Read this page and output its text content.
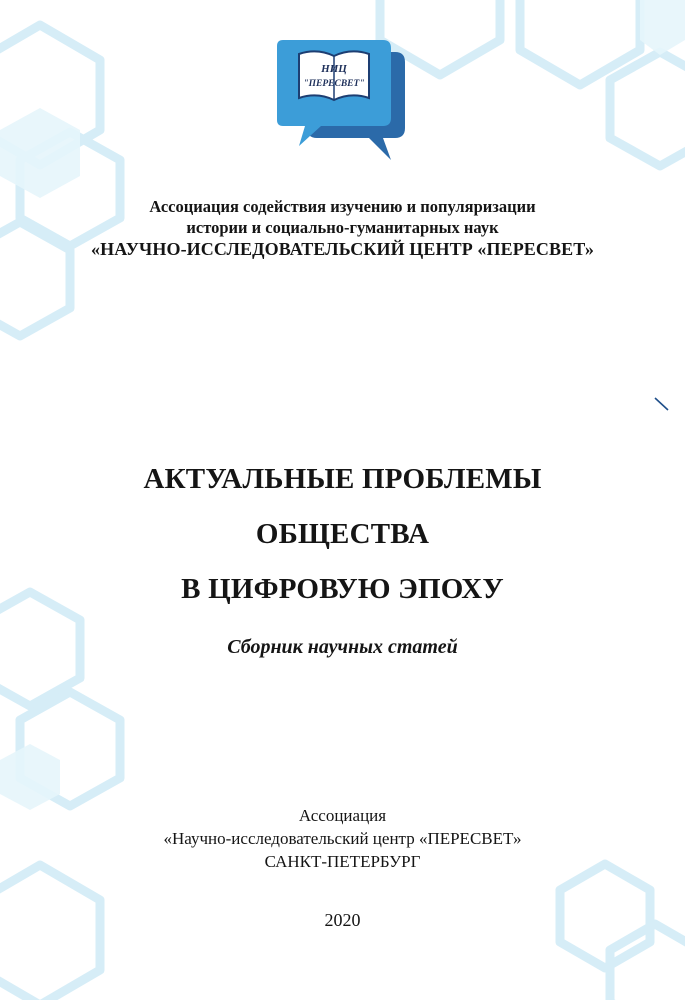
НИЦ
"ПЕРЕСВЕТ"
Ассоциация содействия изучению и популяризации
истории и социально-гуманитарных наук
«НАУЧНО-ИССЛЕДОВАТЕЛЬСКИЙ ЦЕНТР «ПЕРЕСВЕТ»
АКТУАЛЬНЫЕ ПРОБЛЕМЫ
ОБЩЕСТВА
В ЦИФРОВУЮ ЭПОХУ
Сборник научных статей
Ассоциация
«Научно-исследовательский центр «ПЕРЕСВЕТ»
САНКТ-ПЕТЕРБУРГ
2020
